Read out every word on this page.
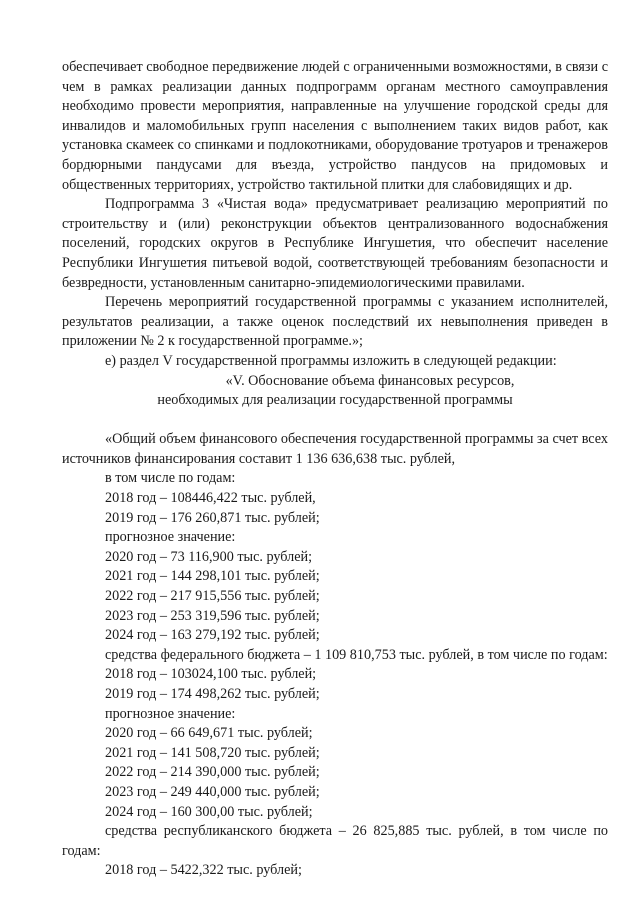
обеспечивает свободное передвижение людей с ограниченными возможностями, в связи с чем в рамках реализации данных подпрограмм органам местного самоуправления необходимо провести мероприятия, направленные на улучшение городской среды для инвалидов и маломобильных групп населения с выполнением таких видов работ, как установка скамеек со спинками и подлокотниками, оборудование тротуаров и тренажеров бордюрными пандусами для въезда, устройство пандусов на придомовых и общественных территориях, устройство тактильной плитки для слабовидящих и др.

Подпрограмма 3 «Чистая вода» предусматривает реализацию мероприятий по строительству и (или) реконструкции объектов централизованного водоснабжения поселений, городских округов в Республике Ингушетия, что обеспечит население Республики Ингушетия питьевой водой, соответствующей требованиям безопасности и безвредности, установленным санитарно-эпидемиологическими правилами.

Перечень мероприятий государственной программы с указанием исполнителей, результатов реализации, а также оценок последствий их невыполнения приведен в приложении № 2 к государственной программе.»;

е) раздел V государственной программы изложить в следующей редакции:

«V. Обоснование объема финансовых ресурсов,

необходимых для реализации государственной программы

«Общий объем финансового обеспечения государственной программы за счет всех источников финансирования составит 1 136 636,638 тыс. рублей,

в том числе по годам:

2018 год – 108446,422 тыс. рублей,

2019 год – 176 260,871 тыс. рублей;

прогнозное значение:

2020 год – 73 116,900 тыс. рублей;

2021 год – 144 298,101 тыс. рублей;

2022 год – 217 915,556 тыс. рублей;

2023 год – 253 319,596 тыс. рублей;

2024 год – 163 279,192 тыс. рублей;

средства федерального бюджета – 1 109 810,753 тыс. рублей, в том числе по годам:

2018 год – 103024,100 тыс. рублей;

2019 год – 174 498,262 тыс. рублей;

прогнозное значение:

2020 год – 66 649,671 тыс. рублей;

2021 год – 141 508,720 тыс. рублей;

2022 год – 214 390,000 тыс. рублей;

2023 год – 249 440,000 тыс. рублей;

2024 год – 160 300,00 тыс. рублей;

средства республиканского бюджета – 26 825,885 тыс. рублей, в том числе по годам:

2018 год – 5422,322 тыс. рублей;
